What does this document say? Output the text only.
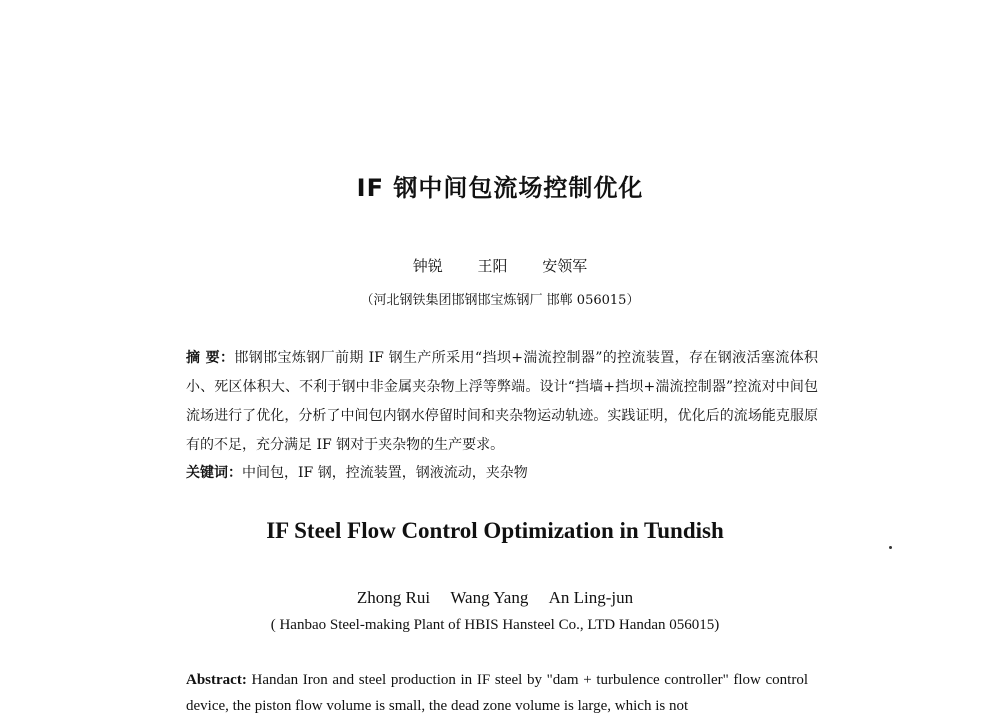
IF 钢中间包流场控制优化
钟锐 王阳 安领军
（河北钢铁集团邯钢邯宝炼钢厂 邯郸 056015）
摘 要：邯钢邯宝炼钢厂前期 IF 钢生产所采用“挡坝+湍流控制器”的控流装置，存在钢液活塞流体积小、死区体积大、不利于钢中非金属夹杂物上浮等弊端。设计“挡墙+挡坝+湍流控制器”控流对中间包流场进行了优化，分析了中间包内钢水停留时间和夹杂物运动轨迹。实践证明，优化后的流场能克服原有的不足，充分满足 IF 钢对于夹杂物的生产要求。
关键词：中间包，IF 钢，控流装置，钢液流动，夹杂物
IF Steel Flow Control Optimization in Tundish
Zhong Rui Wang Yang An Ling-jun
( Hanbao Steel-making Plant of HBIS Hansteel Co., LTD Handan 056015)
Abstract: Handan Iron and steel production in IF steel by "dam + turbulence controller" flow control device, the piston flow volume is small, the dead zone volume is large, which is not
